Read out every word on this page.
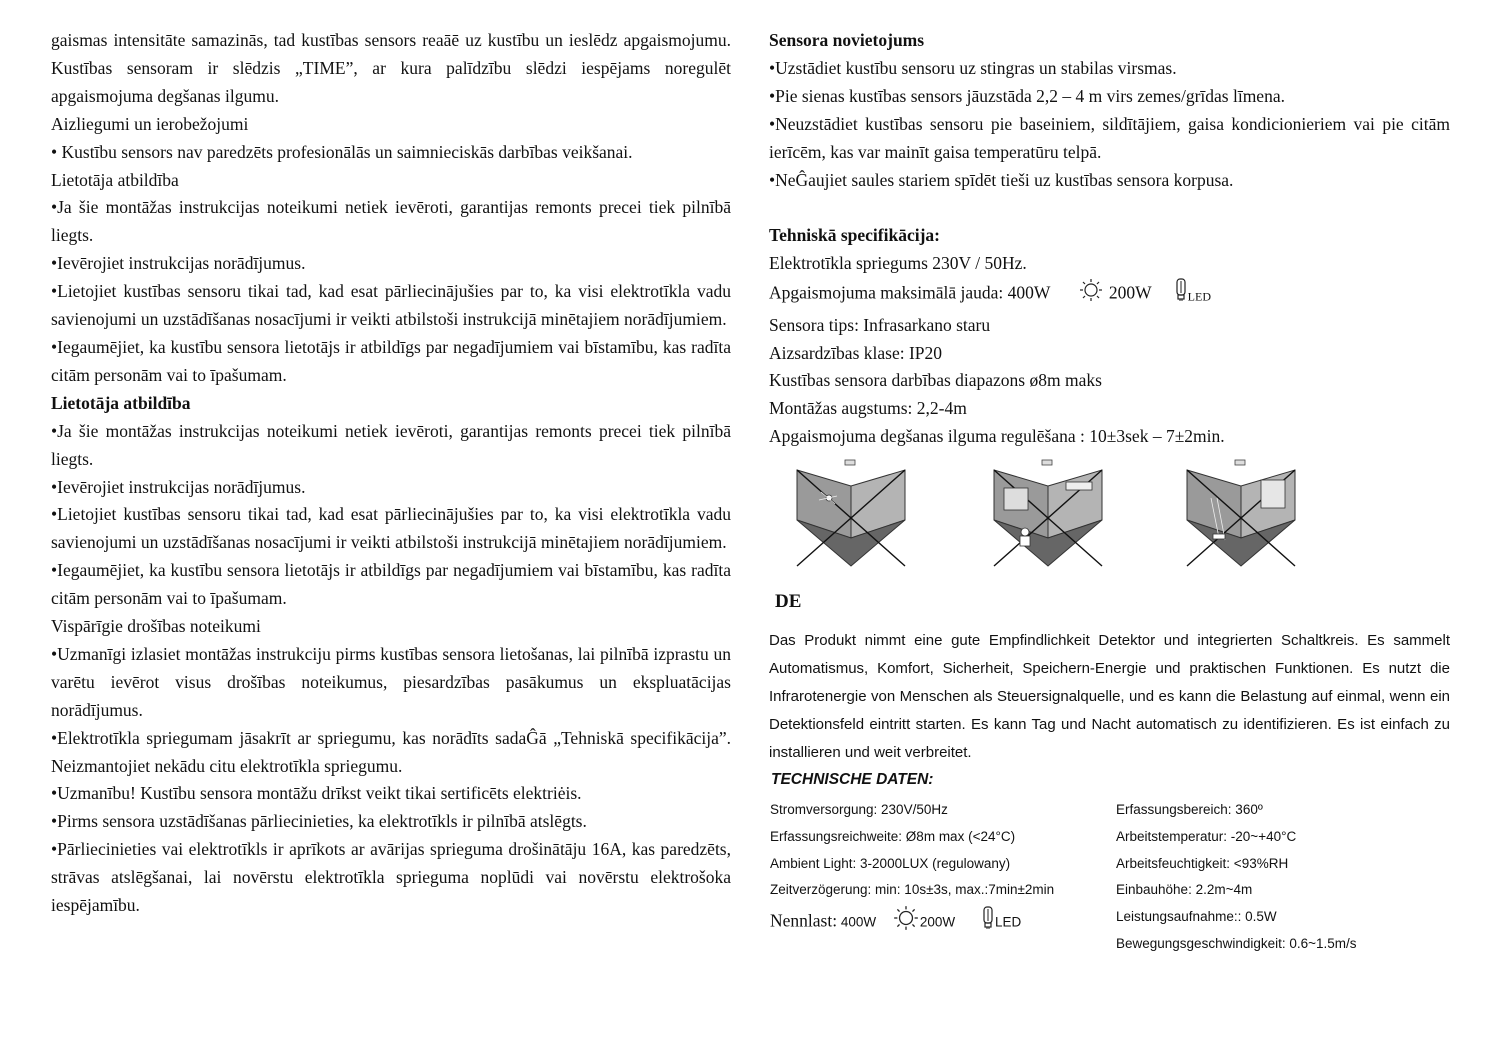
gaismas intensitāte samazinās, tad kustības sensors reaāē uz kustību un ieslēdz apgaismojumu. Kustības sensoram ir slēdzis „TIME”, ar kura palīdzību slēdzi iespējams noregulēt apgaismojuma degšanas ilgumu.

Aizliegumi un ierobežojumi

• Kustību sensors nav paredzēts profesionālās un saimnieciskās darbības veikšanai.

Lietotāja atbildība

•Ja šie montāžas instrukcijas noteikumi netiek ievēroti, garantijas remonts precei tiek pilnībā liegts.

•Ievērojiet instrukcijas norādījumus.

•Lietojiet kustības sensoru tikai tad, kad esat pārliecinājušies par to, ka visi elektrotīkla vadu savienojumi un uzstādīšanas nosacījumi ir veikti atbilstoši instrukcijā minētajiem norādījumiem.

•Iegaumējiet, ka kustību sensora lietotājs ir atbildīgs par negadījumiem vai bīstamību, kas radīta citām personām vai to īpašumam.

Lietotāja atbildība

•Ja šie montāžas instrukcijas noteikumi netiek ievēroti, garantijas remonts precei tiek pilnībā liegts.

•Ievērojiet instrukcijas norādījumus.

•Lietojiet kustības sensoru tikai tad, kad esat pārliecinājušies par to, ka visi elektrotīkla vadu savienojumi un uzstādīšanas nosacījumi ir veikti atbilstoši instrukcijā minētajiem norādījumiem.

•Iegaumējiet, ka kustību sensora lietotājs ir atbildīgs par negadījumiem vai bīstamību, kas radīta citām personām vai to īpašumam.

Vispārīgie drošības noteikumi

•Uzmanīgi izlasiet montāžas instrukciju pirms kustības sensora lietošanas, lai pilnībā izprastu un varētu ievērot visus drošības noteikumus, piesardzības pasākumus un ekspluatācijas norādījumus.

•Elektrotīkla spriegumam jāsakrīt ar spriegumu, kas norādīts sadaĜā „Tehniskā specifikācija”. Neizmantojiet nekādu citu elektrotīkla spriegumu.

•Uzmanību! Kustību sensora montāžu drīkst veikt tikai sertificēts elektriėis.

•Pirms sensora uzstādīšanas pārliecinieties, ka elektrotīkls ir pilnībā atslēgts.

•Pārliecinieties vai elektrotīkls ir aprīkots ar avārijas sprieguma drošinātāju 16A, kas paredzēts, strāvas atslēgšanai, lai novērstu elektrotīkla sprieguma noplūdi vai novērstu elektrošoka iespējamību.

Sensora novietojums

•Uzstādiet kustību sensoru uz stingras un stabilas virsmas.

•Pie sienas kustības sensors jāuzstāda 2,2 – 4 m virs zemes/grīdas līmena.

•Neuzstādiet kustības sensoru pie baseiniem, sildītājiem, gaisa kondicionieriem vai pie citām ierīcēm, kas var mainīt gaisa temperatūru telpā.

•NeĜaujiet saules stariem spīdēt tieši uz kustības sensora korpusa.

Tehniskā specifikācija:

Elektrotīkla spriegums 230V / 50Hz.

Apgaismojuma maksimālā jauda: 400W	200W	LED

Sensora tips: Infrasarkano staru

Aizsardzības klase: IP20

Kustības sensora darbības diapazons ø8m maks

Montāžas augstums: 2,2-4m

Apgaismojuma degšanas ilguma regulēšana : 10±3sek – 7±2min.

DE

Das Produkt nimmt eine gute Empfindlichkeit Detektor und integrierten Schaltkreis. Es sammelt Automatismus, Komfort, Sicherheit, Speichern-Energie und praktischen Funktionen. Es nutzt die Infrarotenergie von Menschen als Steuersignalquelle, und es kann die Belastung auf einmal, wenn ein Detektionsfeld eintritt starten. Es kann Tag und Nacht automatisch zu identifizieren. Es ist einfach zu installieren und weit verbreitet.

TECHNISCHE DATEN:
Stromversorgung: 230V/50Hz
Erfassungsreichweite: Ø8m max (<24°C)
Ambient Light: 3-2000LUX (regulowany)
Zeitverzögerung: min: 10s±3s, max.:7min±2min
Nennlast: 400W	200W	LED
Erfassungsbereich: 360º
Arbeitstemperatur: -20~+40°C
Arbeitsfeuchtigkeit: <93%RH
Einbauhöhe: 2.2m~4m
Leistungsaufnahme:: 0.5W
Bewegungsgeschwindigkeit: 0.6~1.5m/s
